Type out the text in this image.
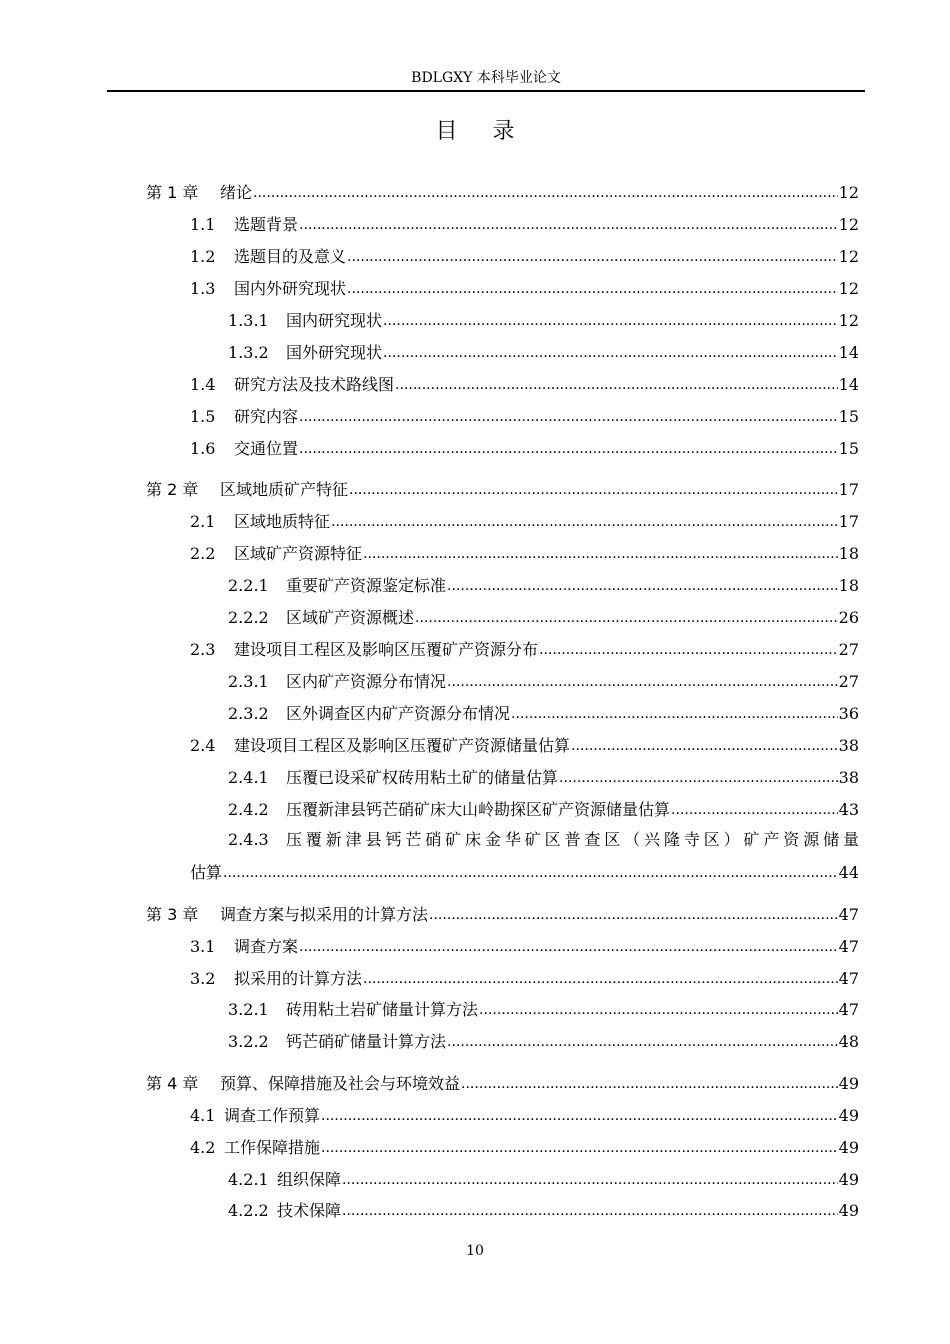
BDLGXY 本科毕业论文
目 录
第 1 章	绪论 .....	12
1.1	选题背景 .....	12
1.2	选题目的及意义 .....	12
1.3	国内外研究现状 .....	12
1.3.1	国内研究现状 .....	12
1.3.2	国外研究现状 .....	14
1.4	研究方法及技术路线图 .....	14
1.5	研究内容 .....	15
1.6	交通位置 .....	15
第 2 章	区域地质矿产特征 .....	17
2.1	区域地质特征 .....	17
2.2	区域矿产资源特征 .....	18
2.2.1	重要矿产资源鉴定标准 .....	18
2.2.2	区域矿产资源概述 .....	26
2.3	建设项目工程区及影响区压覆矿产资源分布 .....	27
2.3.1	区内矿产资源分布情况 .....	27
2.3.2	区外调查区内矿产资源分布情况 .....	36
2.4	建设项目工程区及影响区压覆矿产资源储量估算 .....	38
2.4.1	压覆已设采矿权砖用粘土矿的储量估算 .....	38
2.4.2	压覆新津县钙芒硝矿床大山岭勘探区矿产资源储量估算 .....	43
2.4.3	压覆新津县钙芒硝矿床金华矿区普查区（兴隆寺区）矿产资源储量
估算 .....	44
第 3 章	调查方案与拟采用的计算方法 .....	47
3.1	调查方案 .....	47
3.2	拟采用的计算方法 .....	47
3.2.1	砖用粘土岩矿储量计算方法 .....	47
3.2.2	钙芒硝矿储量计算方法 .....	48
第 4 章	预算、保障措施及社会与环境效益 .....	49
4.1 调查工作预算 .....	49
4.2 工作保障措施 .....	49
4.2.1 组织保障 .....	49
4.2.2 技术保障 .....	49
10
